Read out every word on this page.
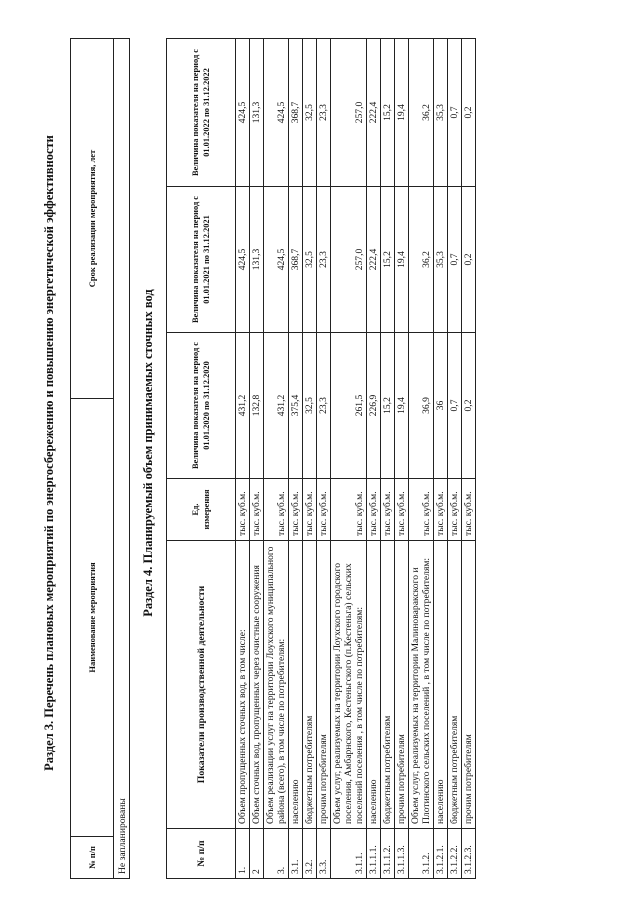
Раздел 3. Перечень плановых мероприятий по энергосбережению и повышению энергетической эффективности
№ п/п	Наименование мероприятия	Срок реализации мероприятия, лет
Не запланированы
Раздел 4. Планируемый объем принимаемых сточных вод
№ п/п	Показатели производственной деятельности	Ед. измерения	Величина показателя на период с 01.01.2020 по 31.12.2020	Величина показателя на период с 01.01.2021 по 31.12.2021	Величина показателя на период с 01.01.2022 по 31.12.2022
1.	Объем пропущенных сточных вод, в том числе:	тыс. куб.м.	431,2	424,5	424,5
2	Объем сточных вод, пропущенных через очистные сооружения	тыс. куб.м.	132,8	131,3	131,3
3.	Объем реализации услуг на территории Лоухского муниципального района (всего), в том числе по потребителям:	тыс. куб.м.	431,2	424,5	424,5
3.1.	населению	тыс. куб.м.	375,4	368,7	368,7
3.2.	бюджетным потребителям	тыс. куб.м.	32,5	32,5	32,5
3.3.	прочим потребителям	тыс. куб.м.	23,3	23,3	23,3
3.1.1.	Объем услуг, реализуемых на территории Лоухского городского поселения, Амбарнского, Кестеньгского (п.Кестеньга) сельских поселений поселения , в том числе по потребителям:	тыс. куб.м.	261,5	257,0	257,0
3.1.1.1.	населению	тыс. куб.м.	226,9	222,4	222,4
3.1.1.2.	бюджетным потребителям	тыс. куб.м.	15,2	15,2	15,2
3.1.1.3.	прочим потребителям	тыс. куб.м.	19,4	19,4	19,4
3.1.2.	Объем услуг, реализуемых на территории Малиноваракского и Плотинского сельских поселений , в том числе по потребителям:	тыс. куб.м.	36,9	36,2	36,2
3.1.2.1.	населению	тыс. куб.м.	36	35,3	35,3
3.1.2.2.	бюджетным потребителям	тыс. куб.м.	0,7	0,7	0,7
3.1.2.3.	прочим потребителям	тыс. куб.м.	0,2	0,2	0,2
